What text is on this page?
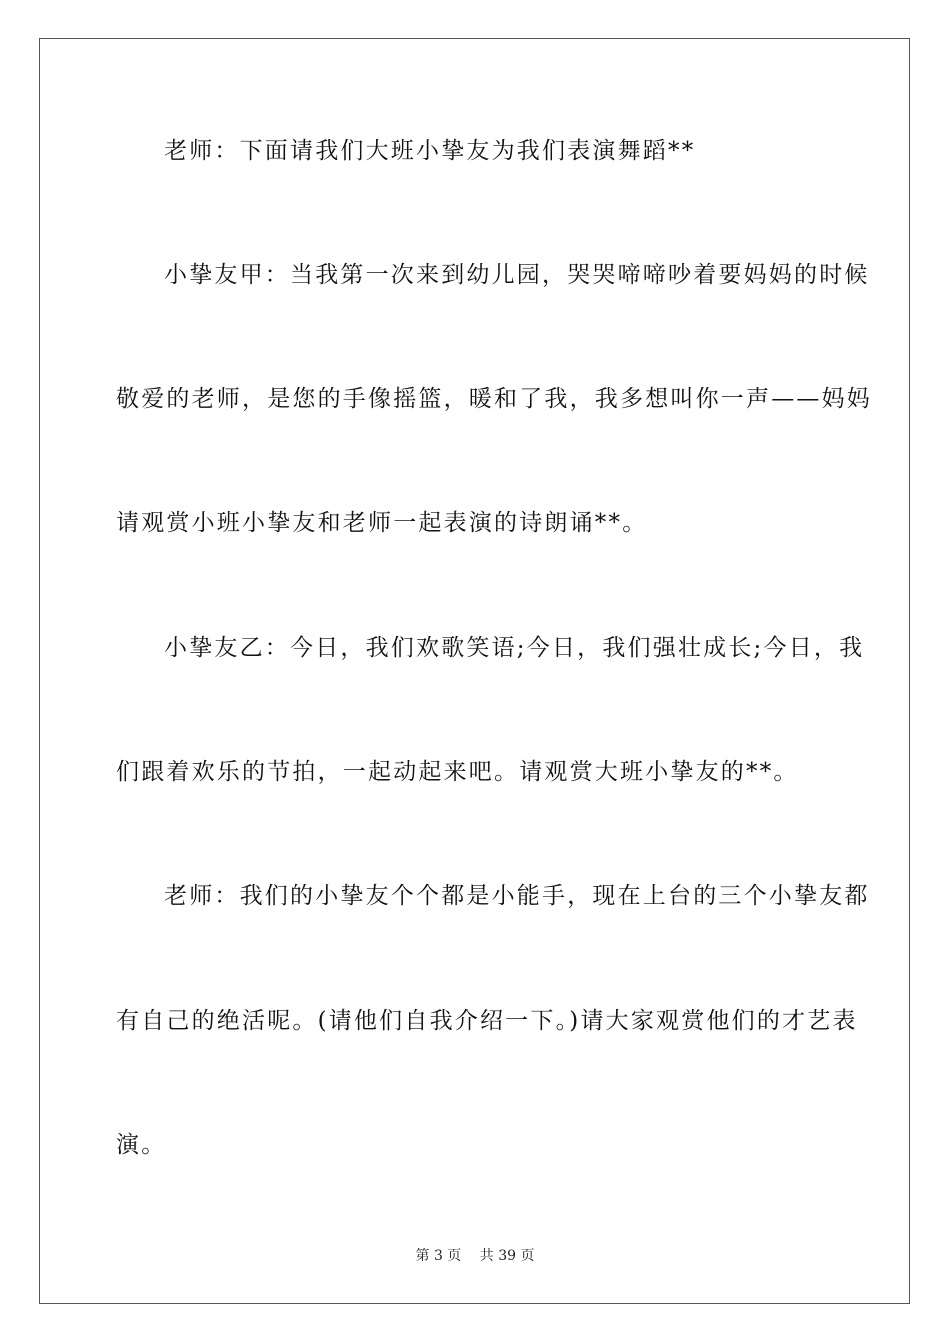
老师：下面请我们大班小挚友为我们表演舞蹈**
小挚友甲：当我第一次来到幼儿园，哭哭啼啼吵着要妈妈的时候
敬爱的老师，是您的手像摇篮，暖和了我，我多想叫你一声——妈妈
请观赏小班小挚友和老师一起表演的诗朗诵**。
小挚友乙：今日，我们欢歌笑语;今日，我们强壮成长;今日，我
们跟着欢乐的节拍，一起动起来吧。请观赏大班小挚友的**。
老师：我们的小挚友个个都是小能手，现在上台的三个小挚友都
有自己的绝活呢。(请他们自我介绍一下。)请大家观赏他们的才艺表
演。
第 3 页 共 39 页
